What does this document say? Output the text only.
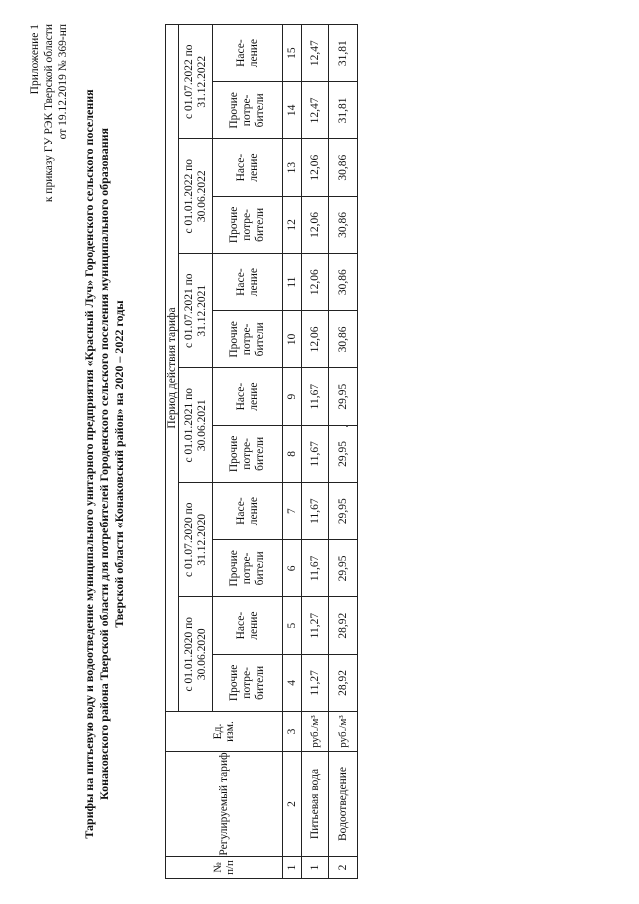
Приложение 1 к приказу ГУ РЭК Тверской области от 19.12.2019 № 369-нп
Тарифы на питьевую воду и водоотведение муниципального унитарного предприятия «Красный Луч» Городенского сельского поселения Конаковского района Тверской области для потребителей Городенского сельского поселения муниципального образования Тверской области «Конаковский район» на 2020 – 2022 годы
№ п/п	Регулируемый тариф	Ед. изм.	Период действия тарифа											
			с 01.01.2020 по 30.06.2020		с 01.07.2020 по 31.12.2020		с 01.01.2021 по 30.06.2021		с 01.07.2021 по 31.12.2021		с 01.01.2022 по 30.06.2022		с 01.07.2022 по 31.12.2022	
			Прочие потре- бители	Насе- ление	Прочие потре- бители	Насе- ление	Прочие потре- бители	Насе- ление	Прочие потре- бители	Насе- ление	Прочие потре- бители	Насе- ление	Прочие потре- бители	Насе- ление
1	2	3	4	5	6	7	8	9	10	11	12	13	14	15
1	Питьевая вода	руб./м³	11,27	11,27	11,67	11,67	11,67	11,67	12,06	12,06	12,06	12,06	12,47	12,47
2	Водоотведение	руб./м³	28,92	28,92	29,95	29,95	29,95	29,95	30,86	30,86	30,86	30,86	31,81	31,81
